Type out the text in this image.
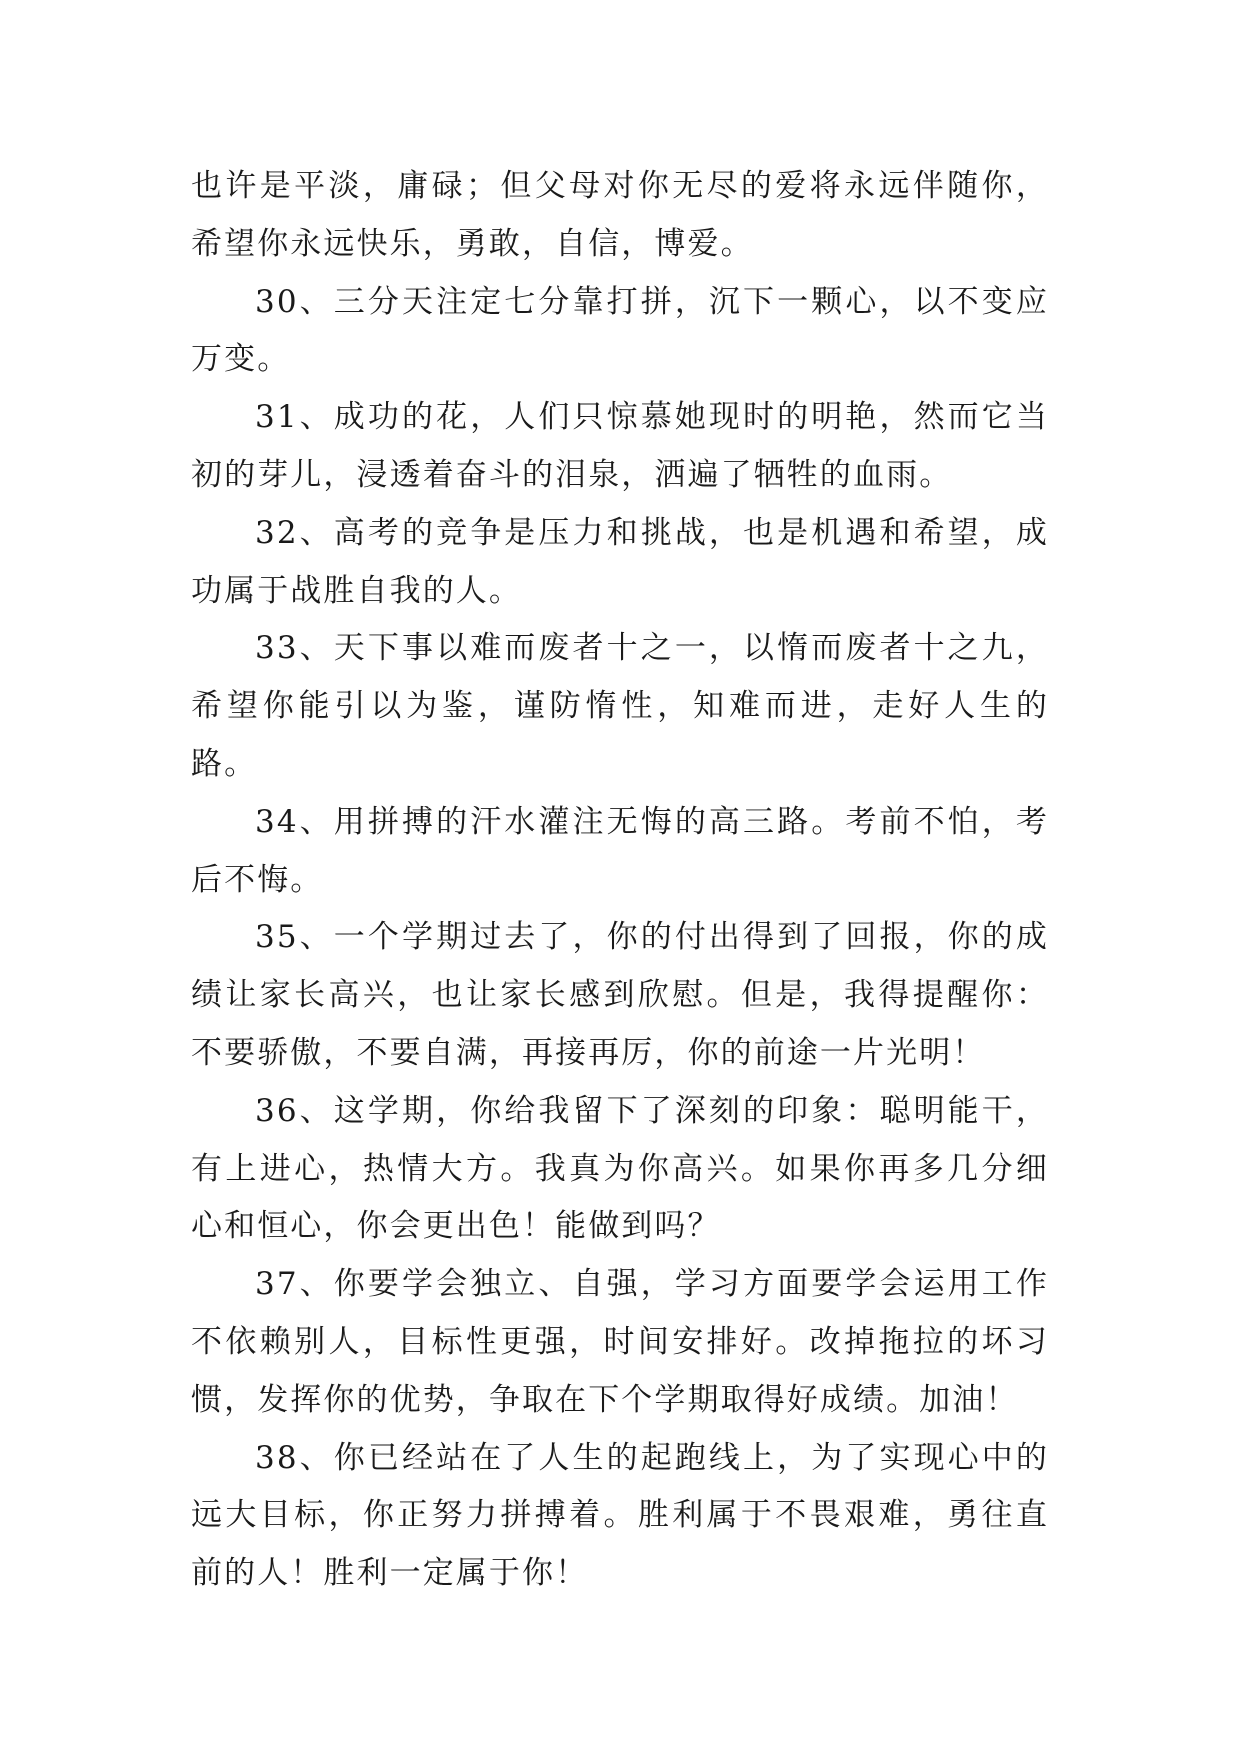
也许是平淡，庸碌；但父母对你无尽的爱将永远伴随你，希望你永远快乐，勇敢，自信，博爱。

30、三分天注定七分靠打拼，沉下一颗心，以不变应万变。

31、成功的花，人们只惊慕她现时的明艳，然而它当初的芽儿，浸透着奋斗的泪泉，洒遍了牺牲的血雨。

32、高考的竞争是压力和挑战，也是机遇和希望，成功属于战胜自我的人。

33、天下事以难而废者十之一，以惰而废者十之九，希望你能引以为鉴，谨防惰性，知难而进，走好人生的路。

34、用拼搏的汗水灌注无悔的高三路。考前不怕，考后不悔。

35、一个学期过去了，你的付出得到了回报，你的成绩让家长高兴，也让家长感到欣慰。但是，我得提醒你：不要骄傲，不要自满，再接再厉，你的前途一片光明！

36、这学期，你给我留下了深刻的印象：聪明能干，有上进心，热情大方。我真为你高兴。如果你再多几分细心和恒心，你会更出色！能做到吗？

37、你要学会独立、自强，学习方面要学会运用工作不依赖别人，目标性更强，时间安排好。改掉拖拉的坏习惯，发挥你的优势，争取在下个学期取得好成绩。加油！

38、你已经站在了人生的起跑线上，为了实现心中的远大目标，你正努力拼搏着。胜利属于不畏艰难，勇往直前的人！胜利一定属于你！
